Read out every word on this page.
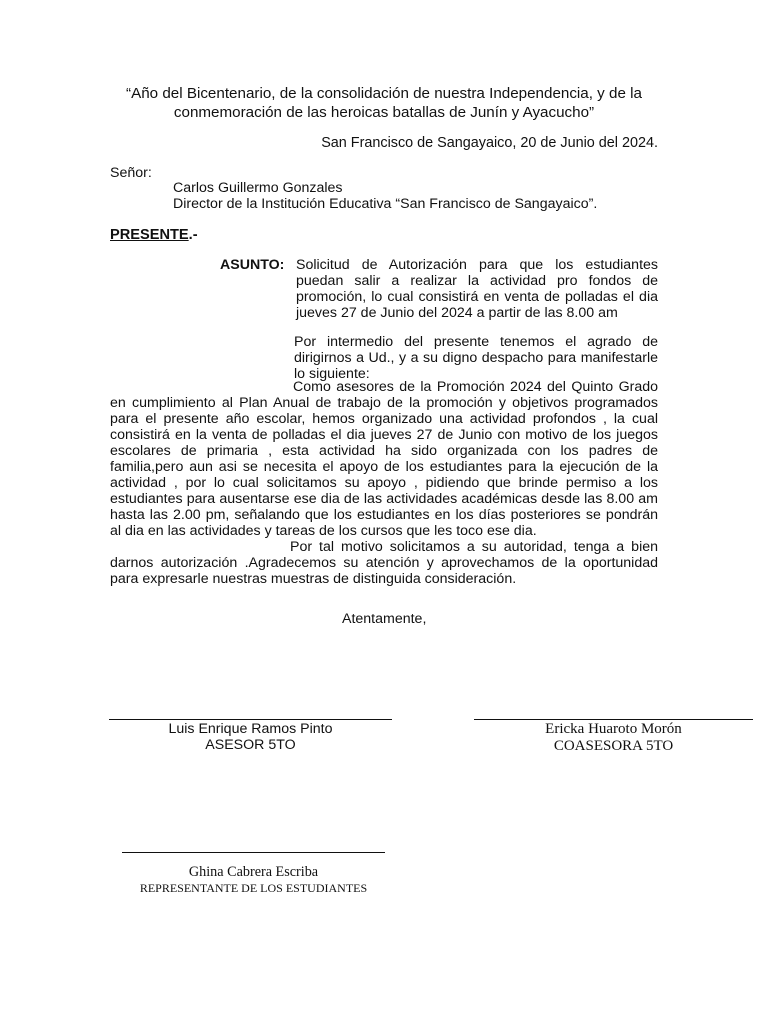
“Año del Bicentenario, de la consolidación de nuestra Independencia, y de la
conmemoración de las heroicas batallas de Junín y Ayacucho”
San Francisco de Sangayaico, 20 de Junio del 2024.
Señor:
Carlos Guillermo Gonzales
Director de la Institución Educativa “San Francisco de Sangayaico”.
PRESENTE.-
ASUNTO: Solicitud de Autorización para que los estudiantes puedan salir a realizar la actividad pro fondos de promoción, lo cual consistirá en venta de polladas el dia jueves 27 de Junio del 2024 a partir de las 8.00 am
Por intermedio del presente tenemos el agrado de dirigirnos a Ud., y a su digno despacho para manifestarle lo siguiente:

Como asesores de la Promoción 2024 del Quinto Grado en cumplimiento al Plan Anual de trabajo de la promoción y objetivos programados para el presente año escolar, hemos organizado una actividad profondos , la cual consistirá en la venta de polladas el dia jueves 27 de Junio con motivo de los juegos escolares de primaria , esta actividad ha sido organizada con los padres de familia,pero aun asi se necesita el apoyo de los estudiantes para la ejecución de la actividad , por lo cual solicitamos su apoyo , pidiendo que brinde permiso a los estudiantes para ausentarse ese dia de las actividades académicas desde las 8.00 am hasta las 2.00 pm, señalando que los estudiantes en los días posteriores se pondrán al dia en las actividades y tareas de los cursos que les toco ese dia.

Por tal motivo solicitamos a su autoridad, tenga a bien darnos autorización .Agradecemos su atención y aprovechamos de la oportunidad para expresarle nuestras muestras de distinguida consideración.

Atentamente,
Luis Enrique Ramos Pinto
ASESOR 5TO
Ericka Huaroto Morón
COASESORA 5TO
Ghina Cabrera Escriba
REPRESENTANTE DE LOS ESTUDIANTES
